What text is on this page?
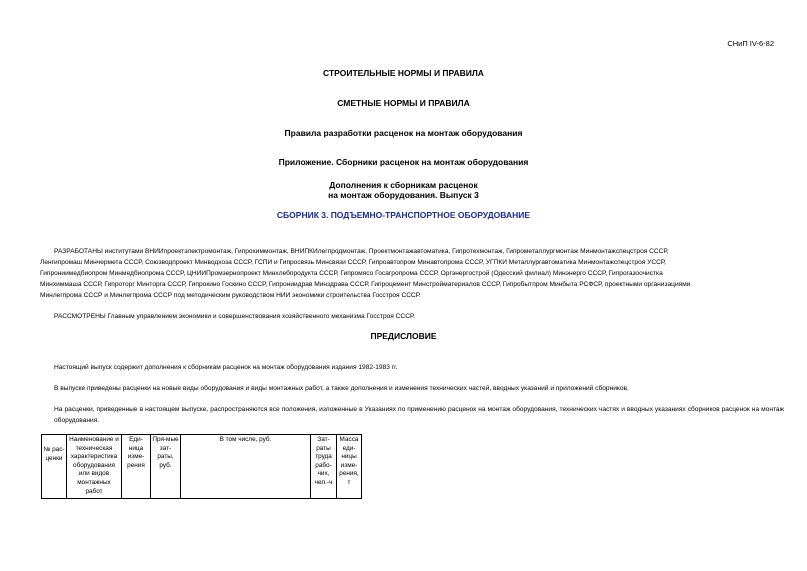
СНиП IV-6-82
СТРОИТЕЛЬНЫЕ НОРМЫ И ПРАВИЛА
СМЕТНЫЕ НОРМЫ И ПРАВИЛА
Правила разработки расценок на монтаж оборудования
Приложение. Сборники расценок на монтаж оборудования
Дополнения к сборникам расценок
на монтаж оборудования. Выпуск 3
СБОРНИК 3. ПОДЪЕМНО-ТРАНСПОРТНОЕ ОБОРУДОВАНИЕ
РАЗРАБОТАНЫ институтами ВНИИпроектэлектромонтаж, Гипрохиммонтаж, ВНИПКИлегпродмонтаж, Проектмонтажавтоматика, Гипротехмонтаж, Гипрометаллургмонтаж Минмонтажспецстроя СССР,
Ленгипромаш Минчермета СССР, Союзводпроект Минводхоза СССР, ГСПИ и Гипросвязь Минсвязи СССР, Гипроавтопром Минавтопрома СССР, УГПКИ Металлургавтоматика Минмонтажспецстроя УССР,
Гипрониимедбиопром Минмедбиопрома СССР, ЦНИИПромзернопроект Минхлебпродукта СССР, Гипромясо Госагропрома СССР, Оргэнергострой (Одесский филиал) Минэнерго СССР, Гипрогазоочистка
Минхиммаша СССР, Гипроторг Минторга СССР, Гипрокино Госкино СССР, Гипрониидрав Минздрава СССР, Гипроцемент Минстройматериалов СССР, Гипробытпром Минбыта РСФСР, проектными организациями
Минлегпрома СССР и Минлегпрома СССР под методическим руководством НИИ экономики строительства Госстроя СССР.
РАССМОТРЕНЫ Главным управлением экономики и совершенствования хозяйственного механизма Госстроя СССР.
ПРЕДИСЛОВИЕ
Настоящий выпуск содержит дополнения к сборникам расценок на монтаж оборудования издания 1982-1983 гг.
В выпуске приведены расценки на новые виды оборудования и виды монтажных работ, а также дополнения и изменения технических частей, вводных указаний и приложений сборников.
На расценки, приведенные в настоящем выпуске, распространяются все положения, изложенные в Указаниях по применению расценок на монтаж оборудования, технических частях и вводных указаниях сборников расценок на монтаж оборудования.
№ рас-ценки	Наименование и техническая характеристика оборудования или видов монтажных работ	Еди-ница изме-рения	Пря-мые зат-раты, руб.	В том числе, руб.	Зат-раты труда рабо-чих, чел.-ч	Масса еди-ницы изме-рения, т
